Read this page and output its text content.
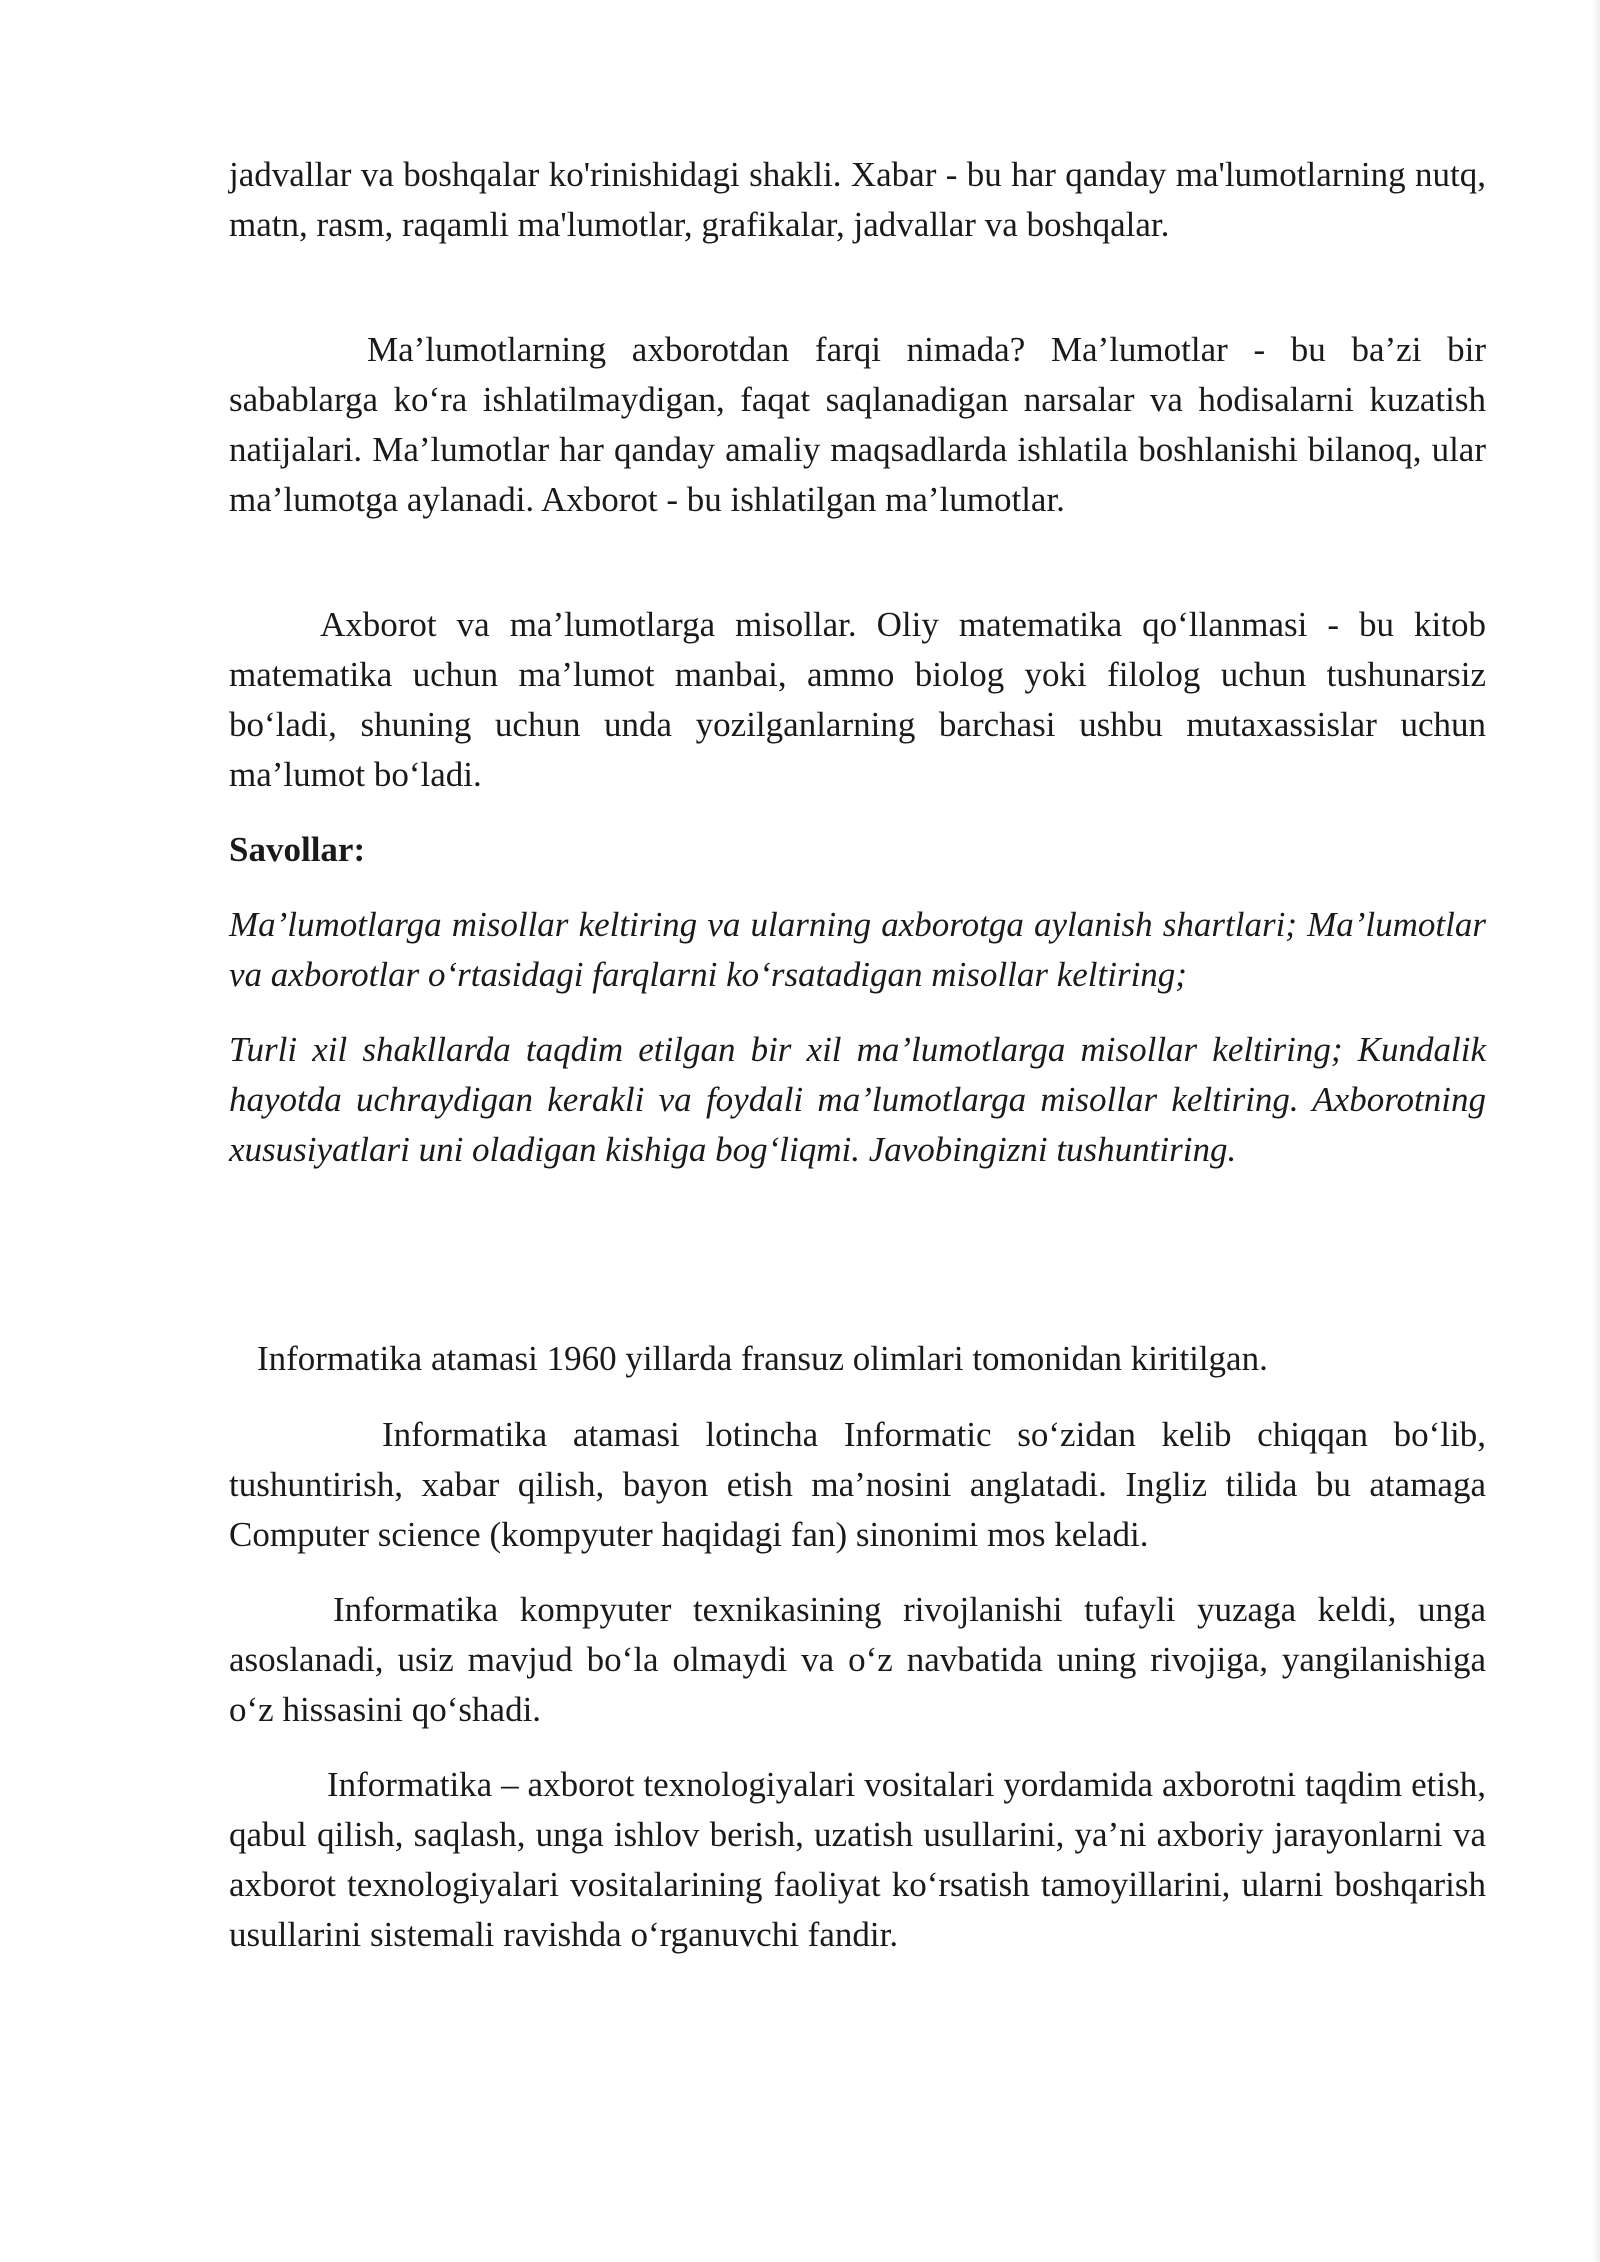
jadvallar va boshqalar ko'rinishidagi shakli. Xabar - bu har qanday ma'lumotlarning nutq, matn, rasm, raqamli ma'lumotlar, grafikalar, jadvallar va boshqalar.

Ma’lumotlarning axborotdan farqi nimada? Ma’lumotlar - bu ba’zi bir sabablarga ko‘ra ishlatilmaydigan, faqat saqlanadigan narsalar va hodisalarni kuzatish natijalari. Ma’lumotlar har qanday amaliy maqsadlarda ishlatila boshlanishi bilanoq, ular ma’lumotga aylanadi. Axborot - bu ishlatilgan ma’lumotlar.

Axborot va ma’lumotlarga misollar. Oliy matematika qo‘llanmasi - bu kitob matematika uchun ma’lumot manbai, ammo biolog yoki filolog uchun tushunarsiz bo‘ladi, shuning uchun unda yozilganlarning barchasi ushbu mutaxassislar uchun ma’lumot bo‘ladi.

Savollar:

Ma’lumotlarga misollar keltiring va ularning axborotga aylanish shartlari; Ma’lumotlar va axborotlar o‘rtasidagi farqlarni ko‘rsatadigan misollar keltiring;

Turli xil shakllarda taqdim etilgan bir xil ma’lumotlarga misollar keltiring; Kundalik hayotda uchraydigan kerakli va foydali ma’lumotlarga misollar keltiring. Axborotning xususiyatlari uni oladigan kishiga bog‘liqmi. Javobingizni tushuntiring.

Informatika atamasi 1960 yillarda fransuz olimlari tomonidan kiritilgan.

Informatika atamasi lotincha Informatic so‘zidan kelib chiqqan bo‘lib, tushuntirish, xabar qilish, bayon etish ma’nosini anglatadi. Ingliz tilida bu atamaga Computer science (kompyuter haqidagi fan) sinonimi mos keladi.

Informatika kompyuter texnikasining rivojlanishi tufayli yuzaga keldi, unga asoslanadi, usiz mavjud bo‘la olmaydi va o‘z navbatida uning rivojiga, yangilanishiga o‘z hissasini qo‘shadi.

Informatika – axborot texnologiyalari vositalari yordamida axborotni taqdim etish, qabul qilish, saqlash, unga ishlov berish, uzatish usullarini, ya’ni axboriy jarayonlarni va axborot texnologiyalari vositalarining faoliyat ko‘rsatish tamoyillarini, ularni boshqarish usullarini sistemali ravishda o‘rganuvchi fandir.
